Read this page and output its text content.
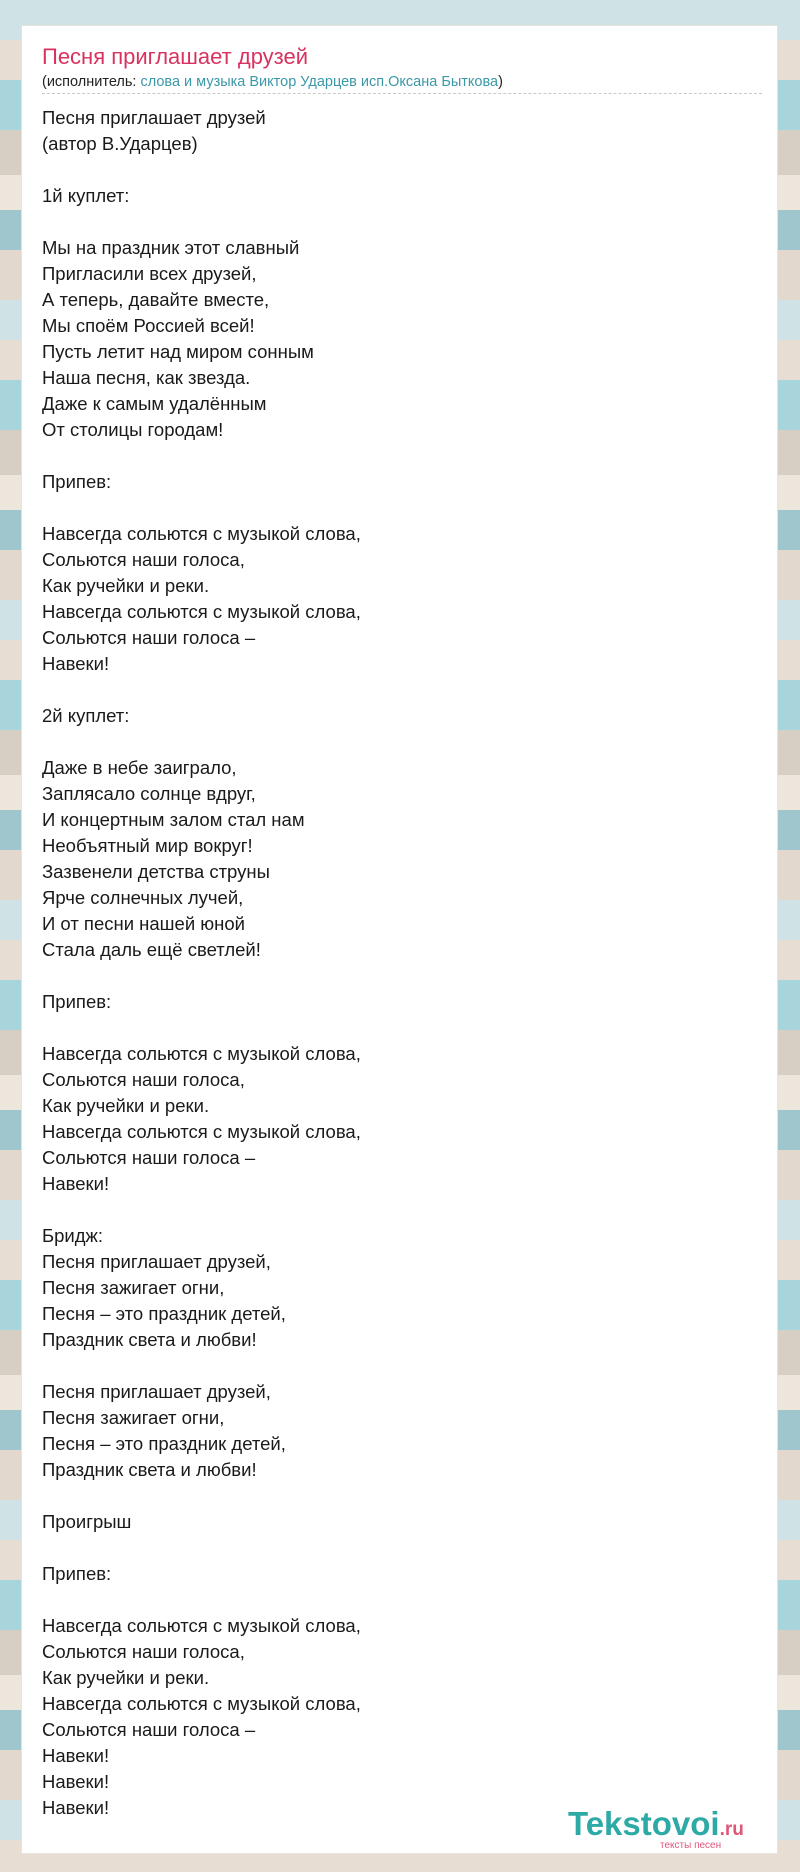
Песня приглашает друзей
(исполнитель: слова и музыка Виктор Ударцев исп.Оксана Быткова)
Песня приглашает друзей
(автор В.Ударцев)

1й куплет:

Мы на праздник этот славный
Пригласили всех друзей,
А теперь, давайте вместе,
Мы споём Россией всей!
Пусть летит над миром сонным
Наша песня, как звезда.
Даже к самым удалённым
От столицы городам!

Припев:

Навсегда сольются с музыкой слова,
Сольются наши голоса,
Как ручейки и реки.
Навсегда сольются с музыкой слова,
Сольются наши голоса –
Навеки!

2й куплет:

Даже в небе заиграло,
Заплясало солнце вдруг,
И концертным залом стал нам
Необъятный мир вокруг!
Зазвенели детства струны
Ярче солнечных лучей,
И от песни нашей юной
Стала даль ещё светлей!

Припев:

Навсегда сольются с музыкой слова,
Сольются наши голоса,
Как ручейки и реки.
Навсегда сольются с музыкой слова,
Сольются наши голоса –
Навеки!

Бридж:
Песня приглашает друзей,
Песня зажигает огни,
Песня – это праздник детей,
Праздник света и любви!

Песня приглашает друзей,
Песня зажигает огни,
Песня – это праздник детей,
Праздник света и любви!

Проигрыш

Припев:

Навсегда сольются с музыкой слова,
Сольются наши голоса,
Как ручейки и реки.
Навсегда сольются с музыкой слова,
Сольются наши голоса –
Навеки!
Навеки!
Навеки!	Tekstovoi.ru
тексты песен
